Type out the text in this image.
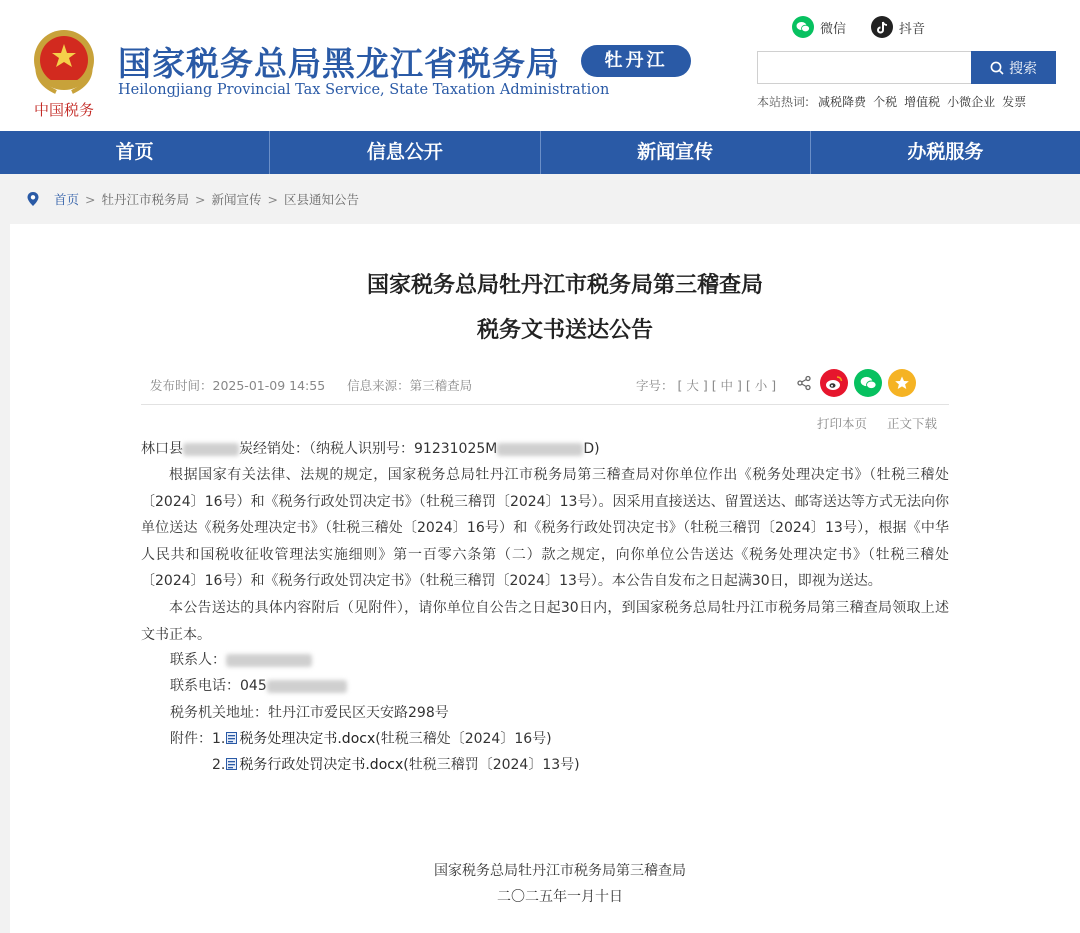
中国税务
国家税务总局黑龙江省税务局
Heilongjiang Provincial Tax Service, State Taxation Administration
牡丹江
微信	抖音
搜索
本站热词: 减税降费 个税 增值税 小微企业 发票
首页	信息公开	新闻宣传	办税服务
首页 > 牡丹江市税务局 > 新闻宣传 > 区县通知公告
国家税务总局牡丹江市税务局第三稽查局
税务文书送达公告
发布时间：2025-01-09 14:55 信息来源：第三稽查局	字号： [ 大 ] [ 中 ] [ 小 ]
打印本页 正文下载
林口县	炭经销处：（纳税人识别号：91231025M	D)
根据国家有关法律、法规的规定，国家税务总局牡丹江市税务局第三稽查局对你单位作出《税务处理决定书》（牡税三稽处〔2024〕16号）和《税务行政处罚决定书》（牡税三稽罚〔2024〕13号）。因采用直接送达、留置送达、邮寄送达等方式无法向你单位送达《税务处理决定书》（牡税三稽处〔2024〕16号）和《税务行政处罚决定书》（牡税三稽罚〔2024〕13号），根据《中华人民共和国税收征收管理法实施细则》第一百零六条第（二）款之规定，向你单位公告送达《税务处理决定书》（牡税三稽处〔2024〕16号）和《税务行政处罚决定书》（牡税三稽罚〔2024〕13号）。本公告自发布之日起满30日，即视为送达。
本公告送达的具体内容附后（见附件），请你单位自公告之日起30日内，到国家税务总局牡丹江市税务局第三稽查局领取上述文书正本。
联系人：
联系电话：045
税务机关地址：牡丹江市爱民区天安路298号
附件：1. 税务处理决定书.docx(牡税三稽处〔2024〕16号)
2. 税务行政处罚决定书.docx(牡税三稽罚〔2024〕13号)
国家税务总局牡丹江市税务局第三稽查局
二〇二五年一月十日
